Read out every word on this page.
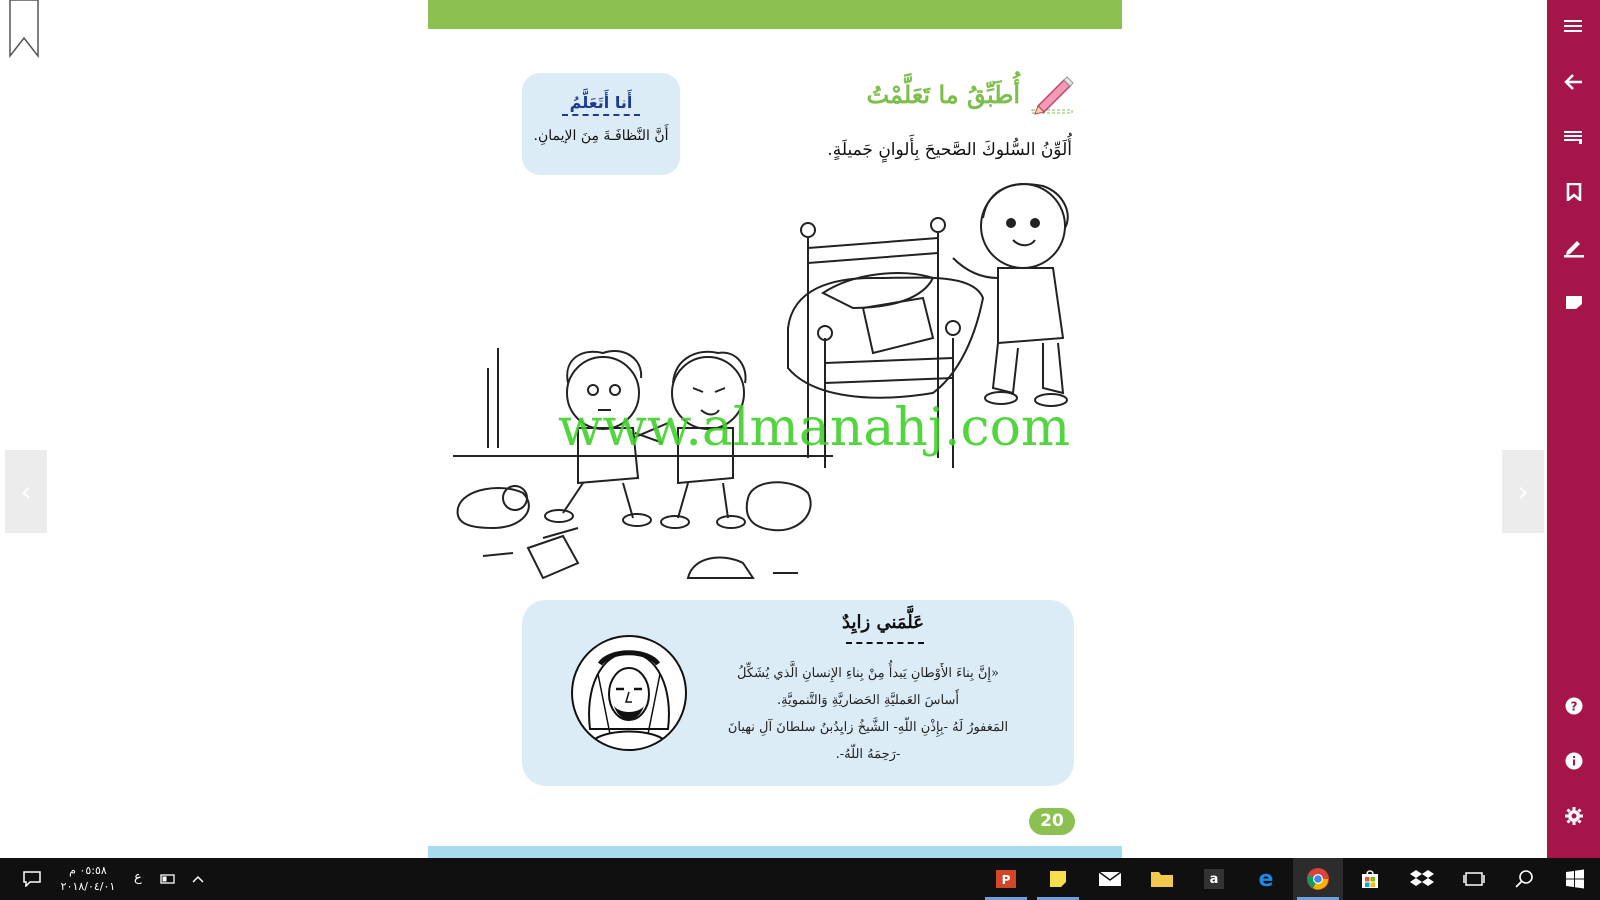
أَنا أَتَعَلَّمُ
أَنَّ النَّظافَـةَ مِنَ الإيمانِ.
أُطَبِّقُ ما تَعَلَّمْتُ
أُلَوِّنُ السُّلوكَ الصَّحيحَ بِأَلوانٍ جَميلَةٍ.
www.almanahj.com
عَلَّمَني زايِدٌ
«إِنَّ بِناءَ الأَوْطانِ يَبدأُ مِنْ بِناءِ الإِنسانِ الَّذي يُشَكِّلُ
أَساسَ العَمليَّةِ الحَضاريَّةِ وَالتَّنمويَّةِ.
المَغفورُ لَهُ -بِإِذْنِ اللّهِ- الشَّيخُ زايِدُبنُ سلطانَ آلِ نهيانَ
-رَحِمَهُ اللّهُ-.
20
‹	›
?
٠٥:٥٨ م
٢٠١٨/٠٤/٠١
ع	P	a e
